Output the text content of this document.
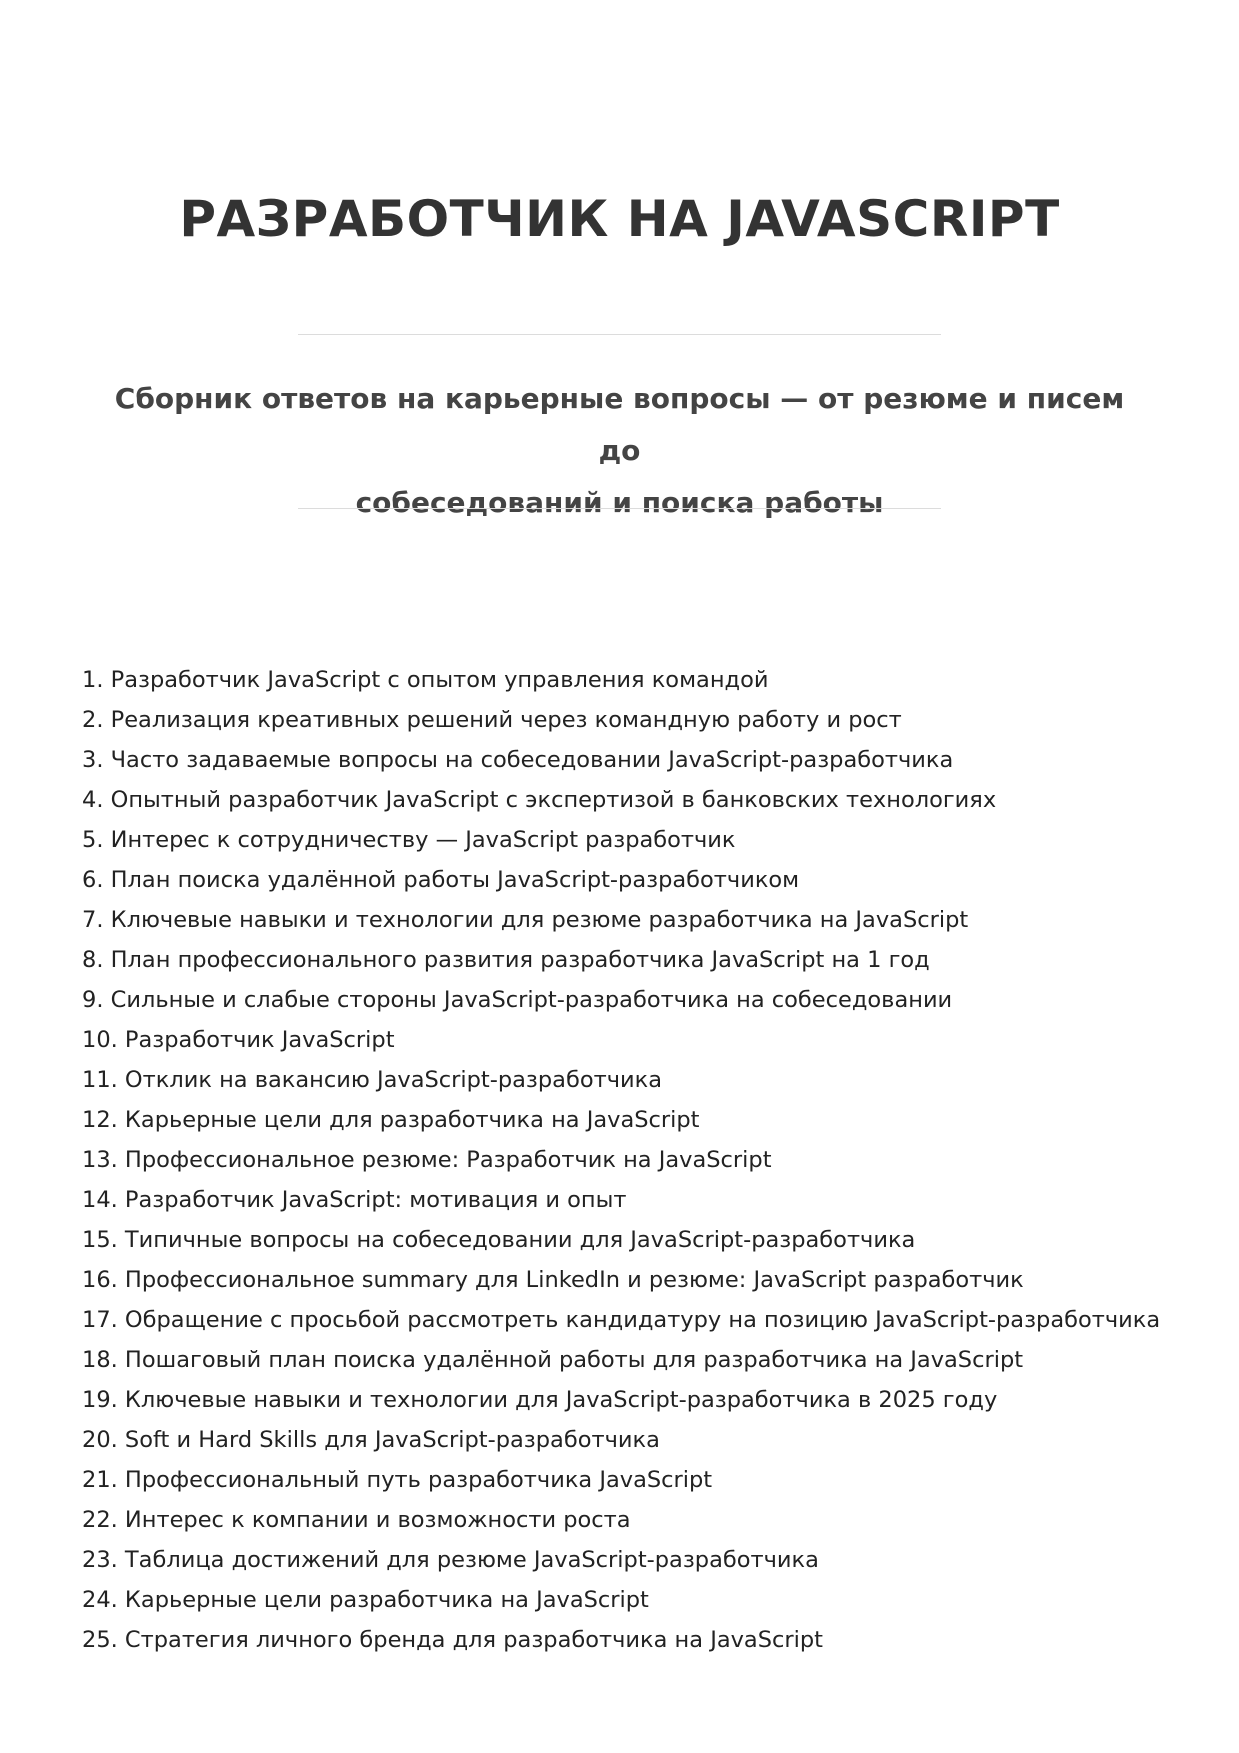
РАЗРАБОТЧИК НА JAVASCRIPT

Сборник ответов на карьерные вопросы — от резюме и писем до
собеседований и поиска работы

1. Разработчик JavaScript с опытом управления командой
2. Реализация креативных решений через командную работу и рост
3. Часто задаваемые вопросы на собеседовании JavaScript-разработчика
4. Опытный разработчик JavaScript с экспертизой в банковских технологиях
5. Интерес к сотрудничеству — JavaScript разработчик
6. План поиска удалённой работы JavaScript-разработчиком
7. Ключевые навыки и технологии для резюме разработчика на JavaScript
8. План профессионального развития разработчика JavaScript на 1 год
9. Сильные и слабые стороны JavaScript-разработчика на собеседовании
10. Разработчик JavaScript
11. Отклик на вакансию JavaScript-разработчика
12. Карьерные цели для разработчика на JavaScript
13. Профессиональное резюме: Разработчик на JavaScript
14. Разработчик JavaScript: мотивация и опыт
15. Типичные вопросы на собеседовании для JavaScript-разработчика
16. Профессиональное summary для LinkedIn и резюме: JavaScript разработчик
17. Обращение с просьбой рассмотреть кандидатуру на позицию JavaScript-разработчика
18. Пошаговый план поиска удалённой работы для разработчика на JavaScript
19. Ключевые навыки и технологии для JavaScript-разработчика в 2025 году
20. Soft и Hard Skills для JavaScript-разработчика
21. Профессиональный путь разработчика JavaScript
22. Интерес к компании и возможности роста
23. Таблица достижений для резюме JavaScript-разработчика
24. Карьерные цели разработчика на JavaScript
25. Стратегия личного бренда для разработчика на JavaScript
